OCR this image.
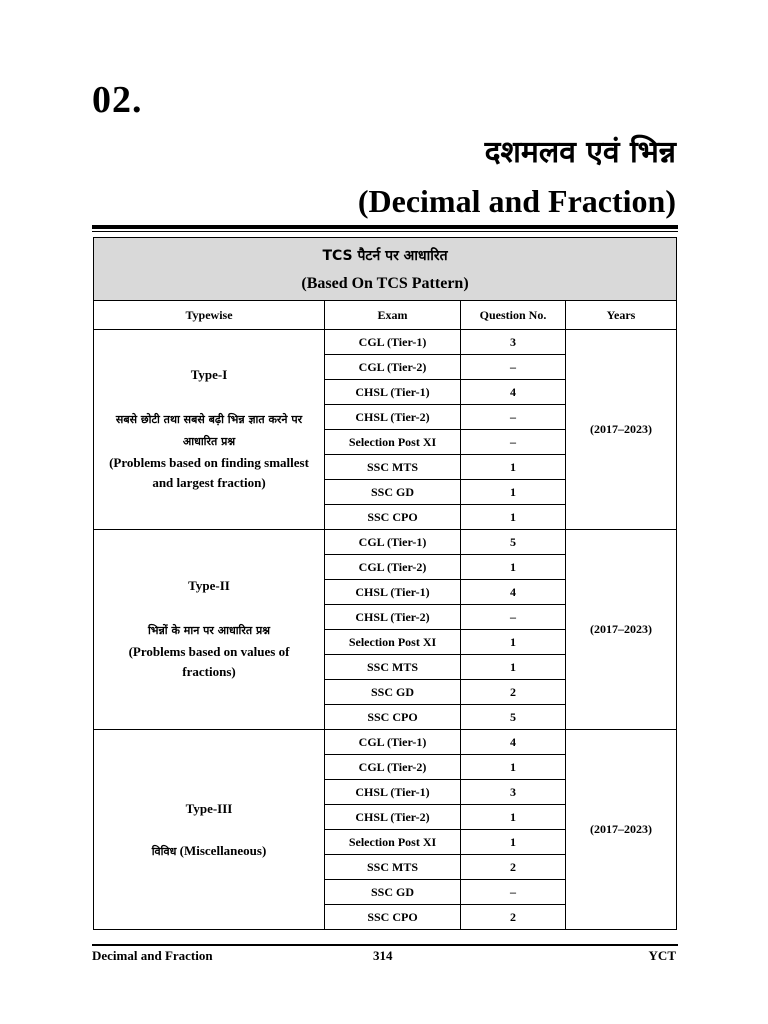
02.
दशमलव एवं भिन्न
(Decimal and Fraction)
TCS पैटर्न पर आधारित
(Based On TCS Pattern)			

Typewise	Exam	Question No.	Years

Type-I
सबसे छोटी तथा सबसे बढ़ी भिन्न ज्ञात करने पर आधारित प्रश्न
(Problems based on finding smallest and largest fraction)	CGL (Tier-1)	3	(2017–2023)
	CGL (Tier-2)	–	
	CHSL (Tier-1)	4	
	CHSL (Tier-2)	–	
	Selection Post XI	–	
	SSC MTS	1	
	SSC GD	1	
	SSC CPO	1	

Type-II
भिन्नों के मान पर आधारित प्रश्न
(Problems based on values of fractions)	CGL (Tier-1)	5	(2017–2023)
	CGL (Tier-2)	1	
	CHSL (Tier-1)	4	
	CHSL (Tier-2)	–	
	Selection Post XI	1	
	SSC MTS	1	
	SSC GD	2	
	SSC CPO	5	

Type-III
विविध (Miscellaneous)	CGL (Tier-1)	4	(2017–2023)
	CGL (Tier-2)	1	
	CHSL (Tier-1)	3	
	CHSL (Tier-2)	1	
	Selection Post XI	1	
	SSC MTS	2	
	SSC GD	–	
	SSC CPO	2	
Decimal and Fraction	314	YCT
